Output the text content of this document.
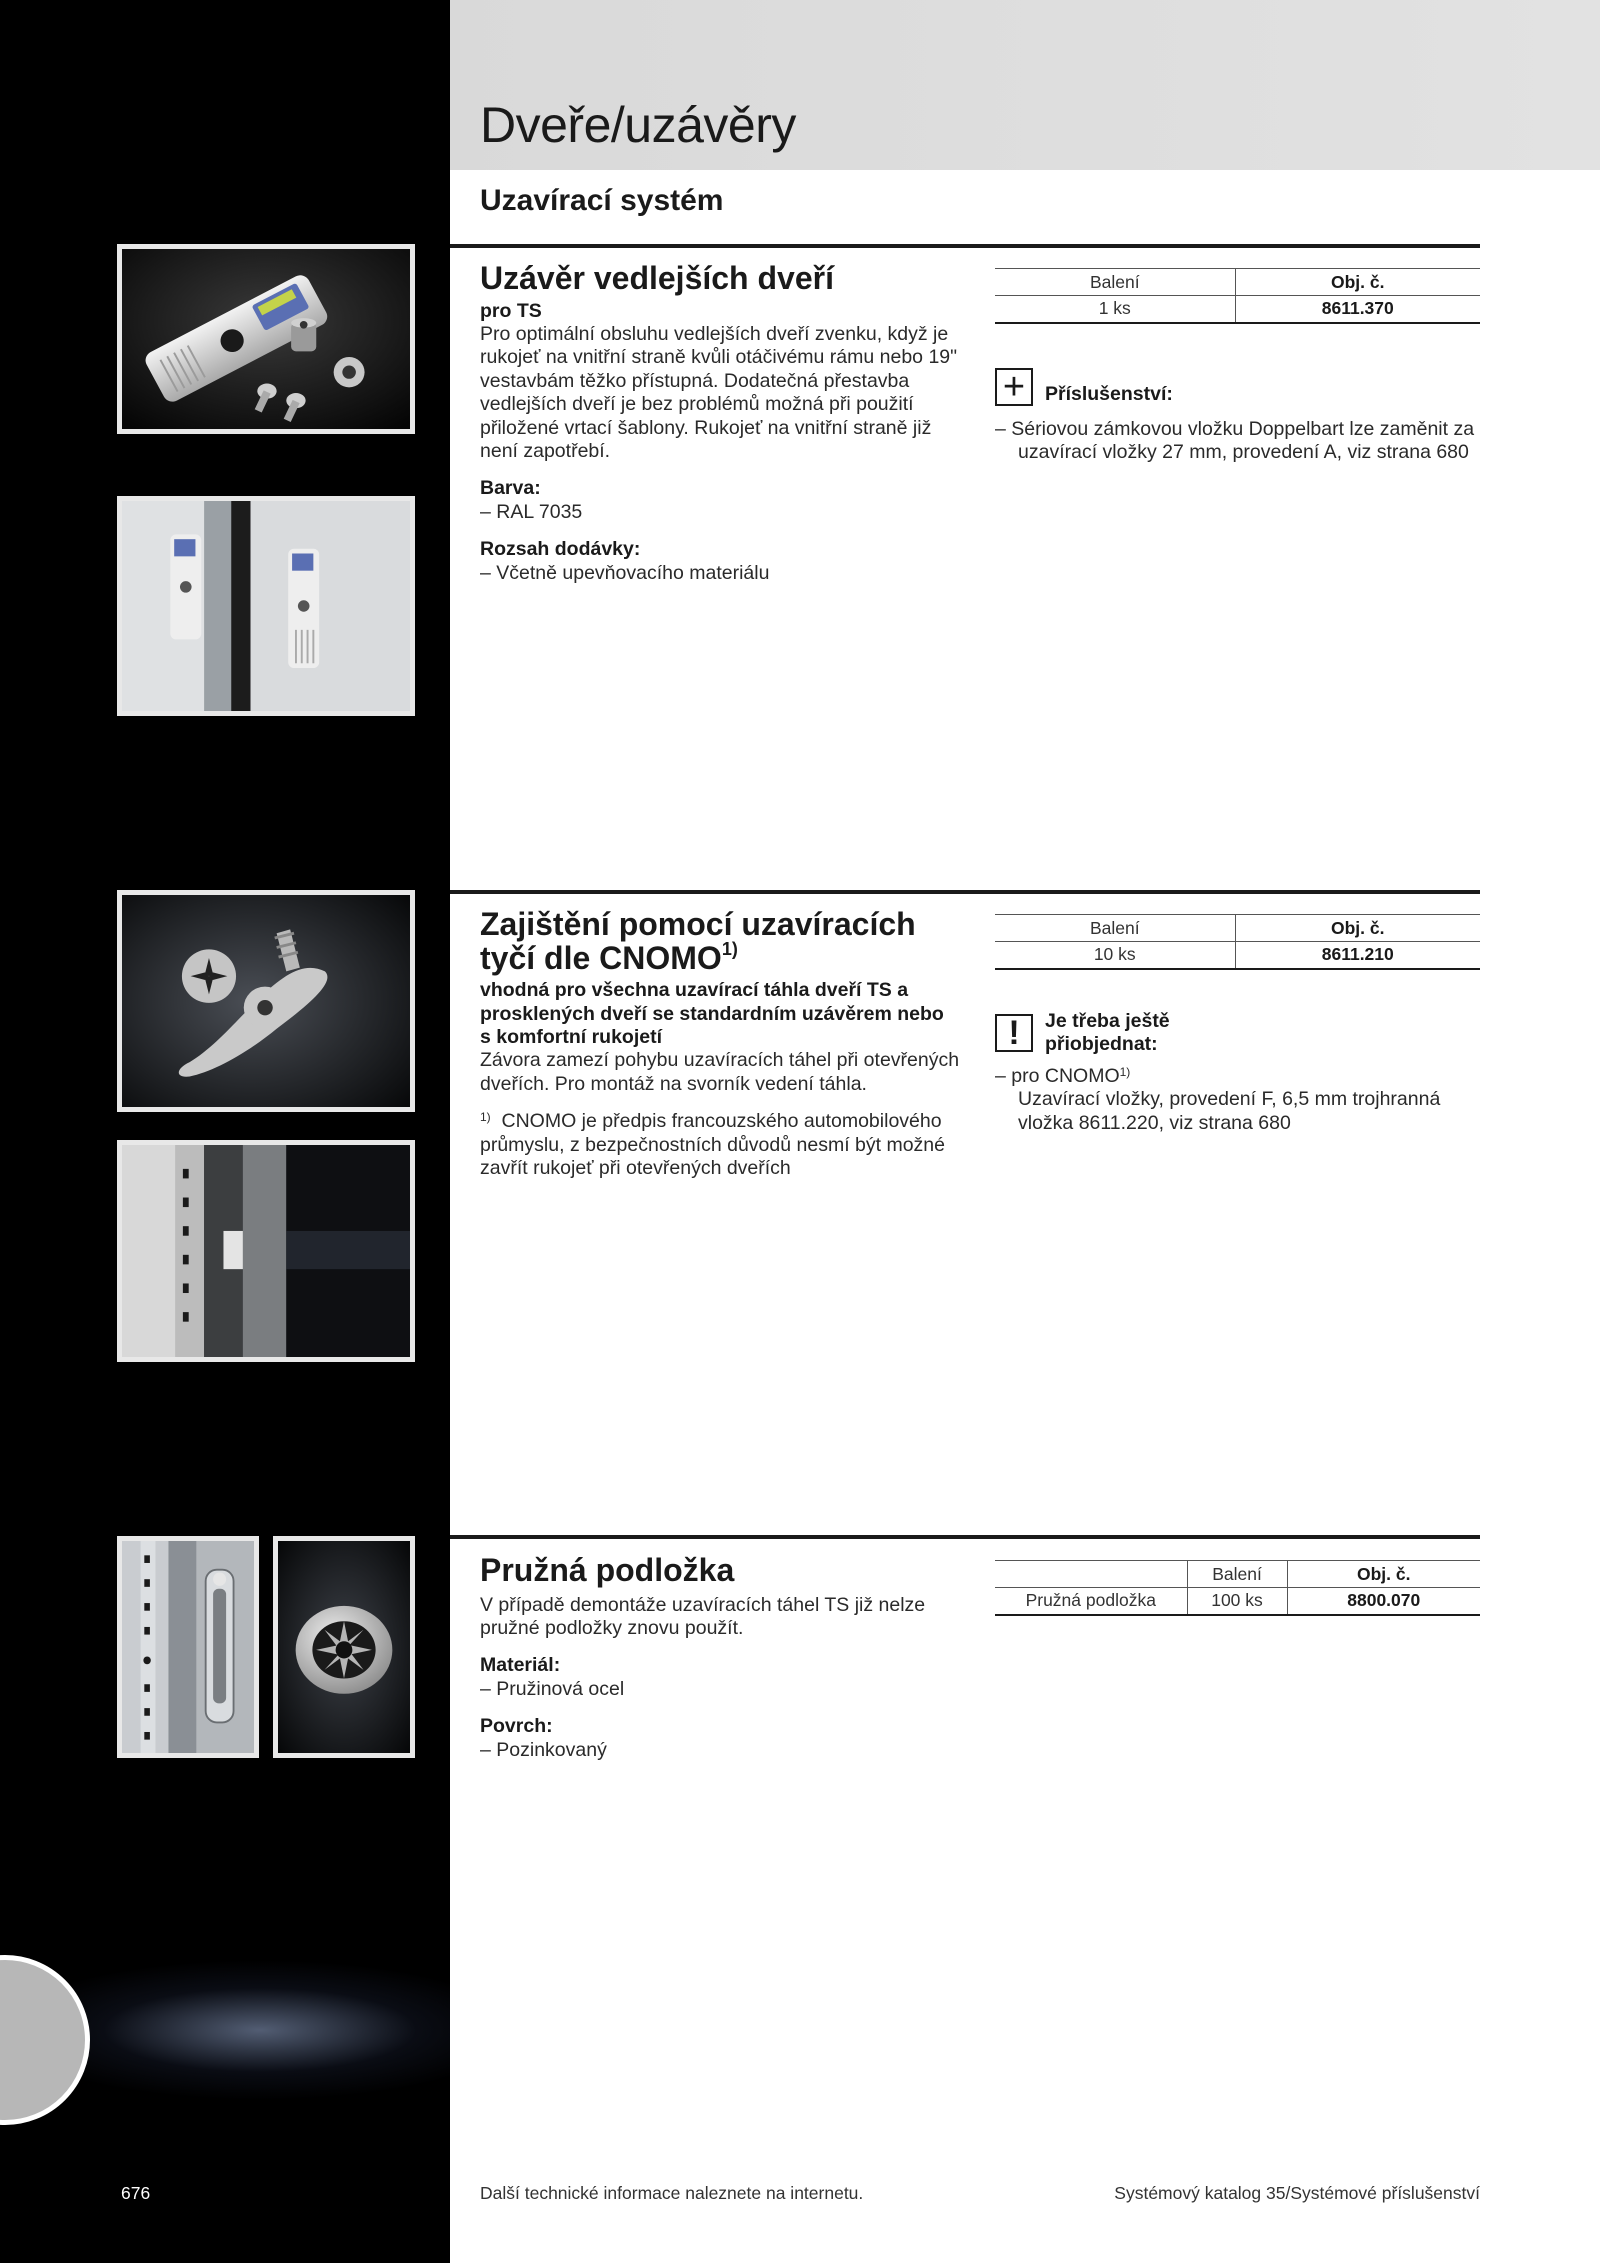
Dveře/uzávěry
Uzavírací systém
Uzávěr vedlejších dveří
pro TS

Pro optimální obsluhu vedlejších dveří zvenku, když je rukojeť na vnitřní straně kvůli otáčivému rámu nebo 19" vestavbám těžko přístupná. Dodatečná přestavba vedlejších dveří je bez problémů možná při použití přiložené vrtací šablony. Rukojeť na vnitřní straně již není zapotřebí.

Barva:
– RAL 7035
Rozsah dodávky:
– Včetně upevňovacího materiálu
Balení	Obj. č.
1 ks	8611.370
+	Příslušenství:
– Sériovou zámkovou vložku Doppelbart lze zaměnit za uzavírací vložky 27 mm, provedení A, viz strana 680
Zajištění pomocí uzavíracích tyčí dle CNOMO$^{1)}$
vhodná pro všechna uzavírací táhla dveří TS a prosklených dveří se standardním uzávěrem nebo s komfortní rukojetí

Závora zamezí pohybu uzavíracích táhel při otevřených dveřích. Pro montáž na svorník vedení táhla.

$^{1)}$ CNOMO je předpis francouzského automobilového průmyslu, z bezpečnostních důvodů nesmí být možné zavřít rukojeť při otevřených dveřích
Balení	Obj. č.
10 ks	8611.210
!	Je třeba ještě přiobjednat:
– pro CNOMO$^{1)}$
Uzavírací vložky, provedení F, 6,5 mm trojhranná vložka 8611.220, viz strana 680
Pružná podložka

V případě demontáže uzavíracích táhel TS již nelze pružné podložky znovu použít.

Materiál:
– Pružinová ocel
Povrch:
– Pozinkovaný
	Balení	Obj. č.
Pružná podložka	100 ks	8800.070
676	Další technické informace naleznete na internetu.	Systémový katalog 35/Systémové příslušenství
